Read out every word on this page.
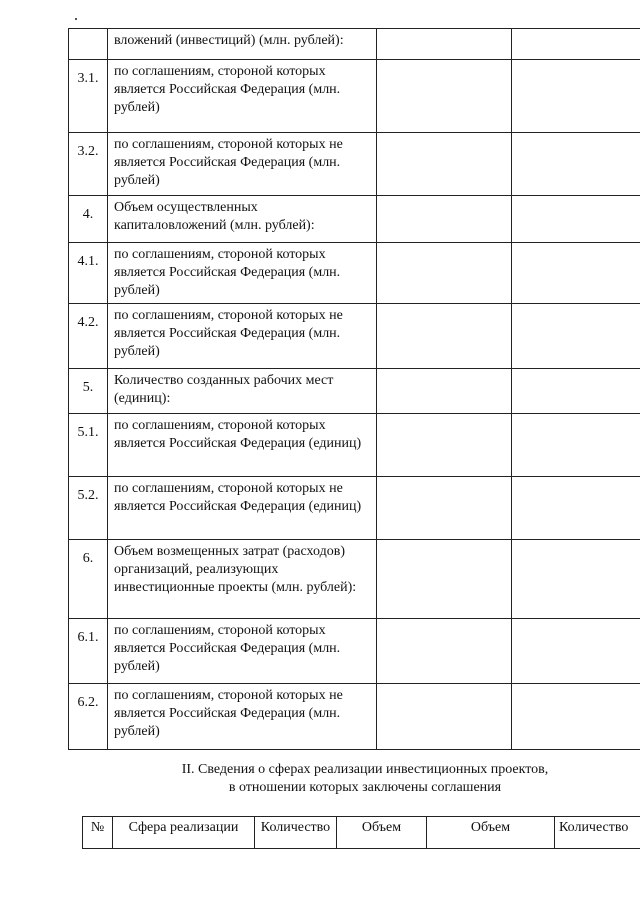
	вложений (инвестиций) (млн. рублей):		
3.1.	по соглашениям, стороной которых является Российская Федерация (млн. рублей)		
3.2.	по соглашениям, стороной которых не является Российская Федерация (млн. рублей)		
4.	Объем осуществленных капиталовложений (млн. рублей):		
4.1.	по соглашениям, стороной которых является Российская Федерация (млн. рублей)		
4.2.	по соглашениям, стороной которых не является Российская Федерация (млн. рублей)		
5.	Количество созданных рабочих мест (единиц):		
5.1.	по соглашениям, стороной которых является Российская Федерация (единиц)		
5.2.	по соглашениям, стороной которых не является Российская Федерация (единиц)		
6.	Объем возмещенных затрат (расходов) организаций, реализующих инвестиционные проекты (млн. рублей):		
6.1.	по соглашениям, стороной которых является Российская Федерация (млн. рублей)		
6.2.	по соглашениям, стороной которых не является Российская Федерация (млн. рублей)		
II. Сведения о сферах реализации инвестиционных проектов,
в отношении которых заключены соглашения
№	Сфера реализации	Количество	Объем	Объем	Количество
